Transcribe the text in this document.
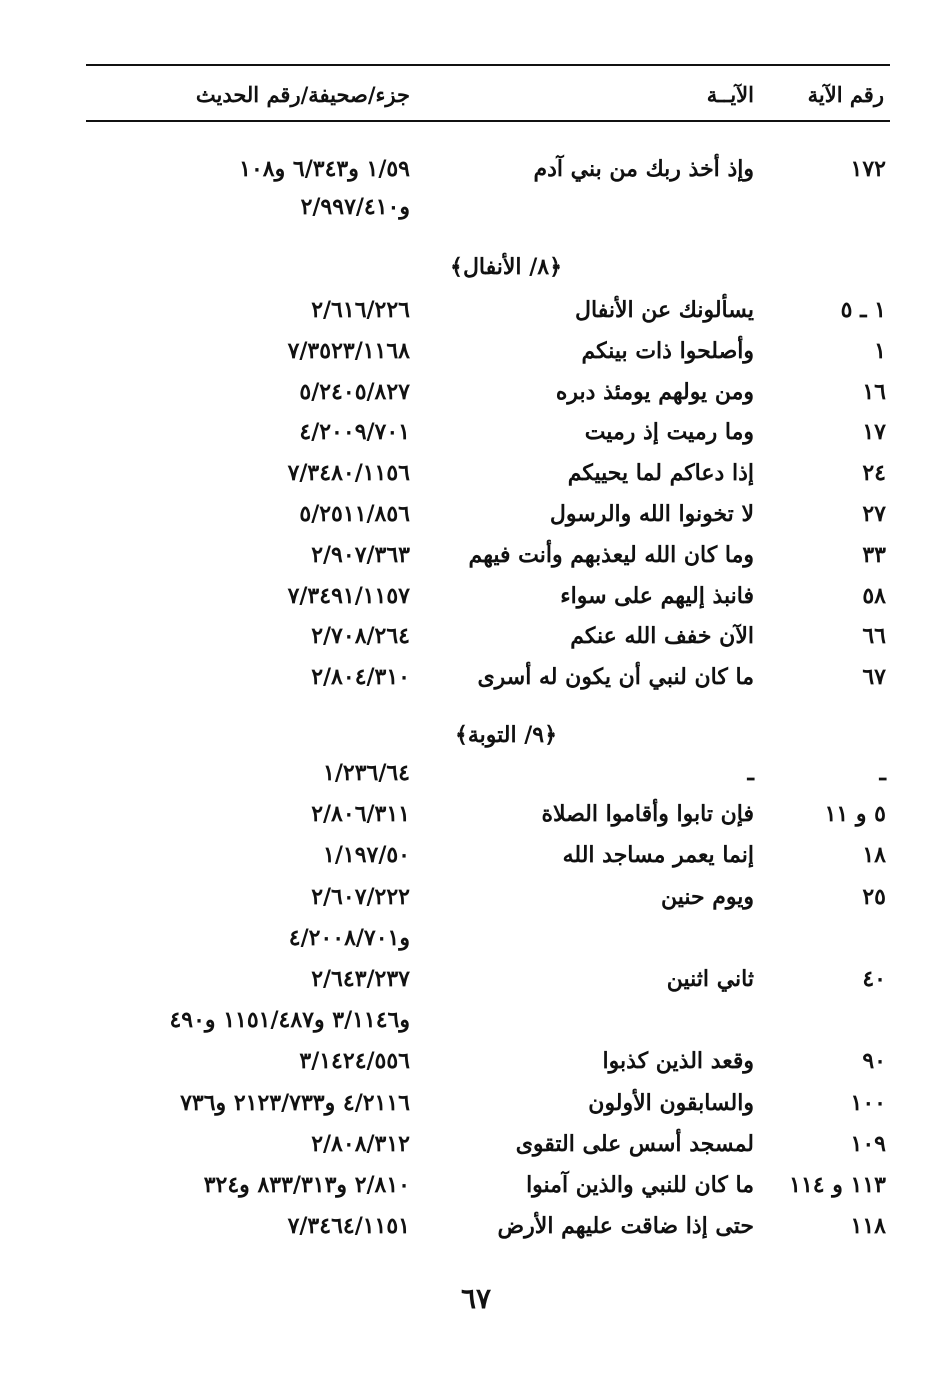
رقم الآية
الآيــة
جزء/صحيفة/رقم الحديث
١٧٢
وإذ أخذ ربك من بني آدم
١/٥٩ و٦/٣٤٣ و١٠٨
و٢/٩٩٧/٤١٠
﴿٨/ الأنفال﴾
١ ـ ٥
يسألونك عن الأنفال
٢/٦١٦/٢٢٦
١
وأصلحوا ذات بينكم
٧/٣٥٢٣/١١٦٨
١٦
ومن يولهم يومئذ دبره
٥/٢٤٠٥/٨٢٧
١٧
وما رميت إذ رميت
٤/٢٠٠٩/٧٠١
٢٤
إذا دعاكم لما يحييكم
٧/٣٤٨٠/١١٥٦
٢٧
لا تخونوا الله والرسول
٥/٢٥١١/٨٥٦
٣٣
وما كان الله ليعذبهم وأنت فيهم
٢/٩٠٧/٣٦٣
٥٨
فانبذ إليهم على سواء
٧/٣٤٩١/١١٥٧
٦٦
الآن خفف الله عنكم
٢/٧٠٨/٢٦٤
٦٧
ما كان لنبي أن يكون له أسرى
٢/٨٠٤/٣١٠
﴿٩/ التوبة﴾
ـ
ـ
١/٢٣٦/٦٤
٥ و ١١
فإن تابوا وأقاموا الصلاة
٢/٨٠٦/٣١١
١٨
إنما يعمر مساجد الله
١/١٩٧/٥٠
٢٥
ويوم حنين
٢/٦٠٧/٢٢٢
و٤/٢٠٠٨/٧٠١
٤٠
ثاني اثنين
٢/٦٤٣/٢٣٧
و٣/١١٤٦ و١١٥١/٤٨٧ و٤٩٠
٩٠
وقعد الذين كذبوا
٣/١٤٢٤/٥٥٦
١٠٠
والسابقون الأولون
٤/٢١١٦ و٢١٢٣/٧٣٣ و٧٣٦
١٠٩
لمسجد أسس على التقوى
٢/٨٠٨/٣١٢
١١٣ و ١١٤
ما كان للنبي والذين آمنوا
٢/٨١٠ و٨٣٣/٣١٣ و٣٢٤
١١٨
حتى إذا ضاقت عليهم الأرض
٧/٣٤٦٤/١١٥١
٦٧
